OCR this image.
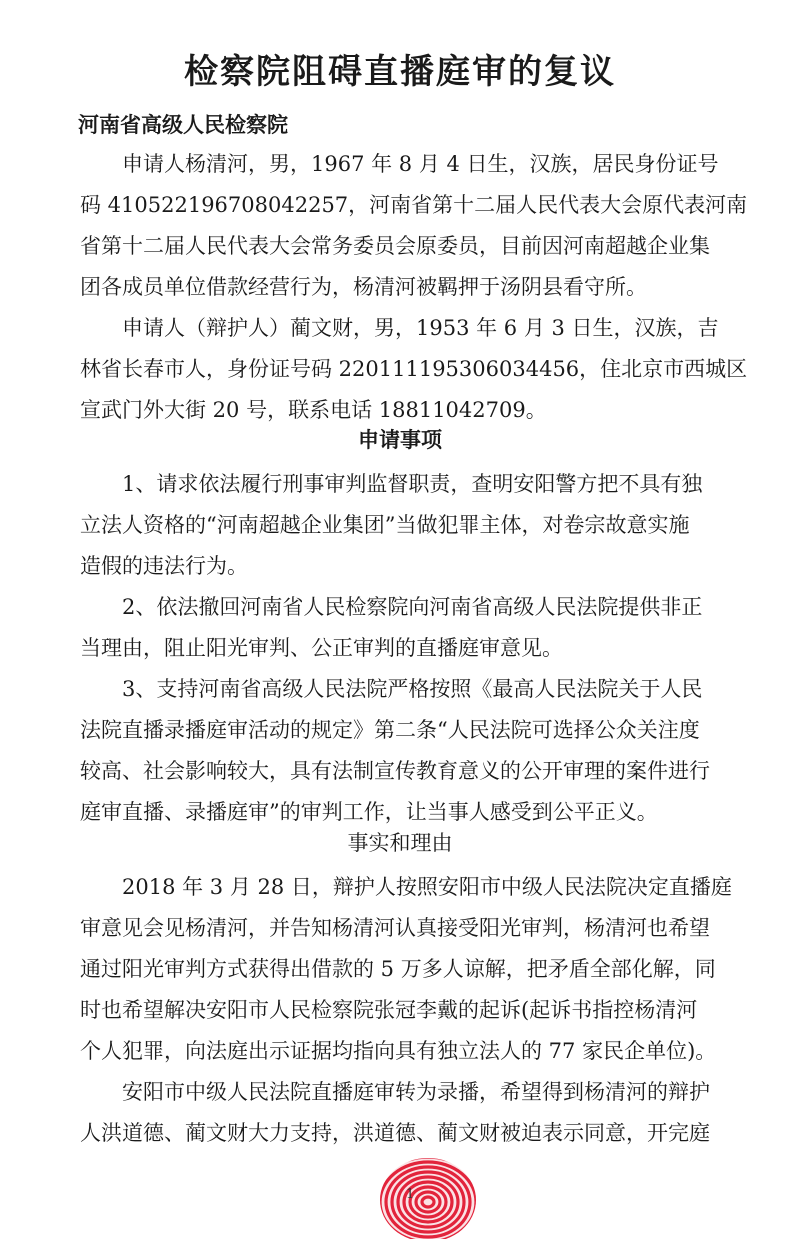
检察院阻碍直播庭审的复议
河南省高级人民检察院
申请人杨清河，男，1967 年 8 月 4 日生，汉族，居民身份证号
码 410522196708042257，河南省第十二届人民代表大会原代表河南
省第十二届人民代表大会常务委员会原委员，目前因河南超越企业集
团各成员单位借款经营行为，杨清河被羁押于汤阴县看守所。
申请人（辩护人）蔺文财，男，1953 年 6 月 3 日生，汉族，吉
林省长春市人，身份证号码 220111195306034456，住北京市西城区
宣武门外大街 20 号，联系电话 18811042709。
申请事项
1、请求依法履行刑事审判监督职责，查明安阳警方把不具有独
立法人资格的“河南超越企业集团”当做犯罪主体，对卷宗故意实施
造假的违法行为。
2、依法撤回河南省人民检察院向河南省高级人民法院提供非正
当理由，阻止阳光审判、公正审判的直播庭审意见。
3、支持河南省高级人民法院严格按照《最高人民法院关于人民
法院直播录播庭审活动的规定》第二条“人民法院可选择公众关注度
较高、社会影响较大，具有法制宣传教育意义的公开审理的案件进行
庭审直播、录播庭审”的审判工作，让当事人感受到公平正义。
事实和理由
2018 年 3 月 28 日，辩护人按照安阳市中级人民法院决定直播庭
审意见会见杨清河，并告知杨清河认真接受阳光审判，杨清河也希望
通过阳光审判方式获得出借款的 5 万多人谅解，把矛盾全部化解，同
时也希望解决安阳市人民检察院张冠李戴的起诉(起诉书指控杨清河
个人犯罪，向法庭出示证据均指向具有独立法人的 77 家民企单位)。
安阳市中级人民法院直播庭审转为录播，希望得到杨清河的辩护
人洪道德、蔺文财大力支持，洪道德、蔺文财被迫表示同意，开完庭
1
